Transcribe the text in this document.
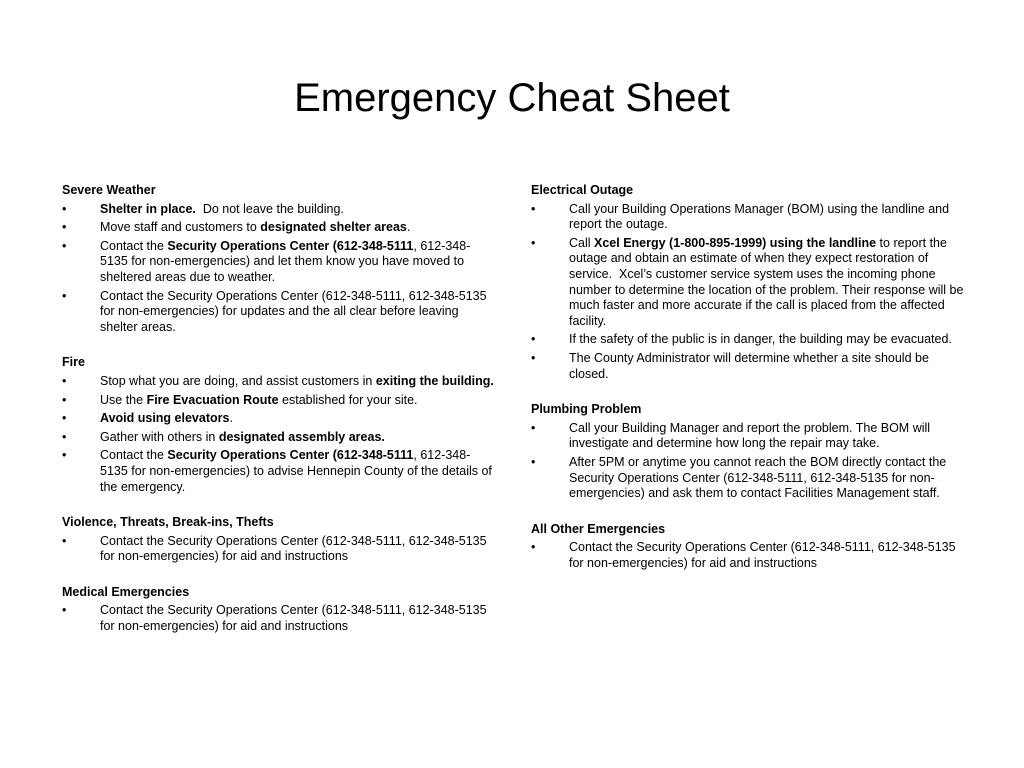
Emergency Cheat Sheet
Severe Weather
•	Shelter in place.  Do not leave the building.
•	Move staff and customers to designated shelter areas.
•	Contact the Security Operations Center (612-348-5111, 612-348-5135 for non-emergencies) and let them know you have moved to sheltered areas due to weather.
•	Contact the Security Operations Center (612-348-5111, 612-348-5135 for non-emergencies) for updates and the all clear before leaving shelter areas.
Fire
•	Stop what you are doing, and assist customers in exiting the building.
•	Use the Fire Evacuation Route established for your site.
•	Avoid using elevators.
•	Gather with others in designated assembly areas.
•	Contact the Security Operations Center (612-348-5111, 612-348-5135 for non-emergencies) to advise Hennepin County of the details of the emergency.
Violence, Threats, Break-ins, Thefts
•	Contact the Security Operations Center (612-348-5111, 612-348-5135 for non-emergencies) for aid and instructions
Medical Emergencies
•	Contact the Security Operations Center (612-348-5111, 612-348-5135 for non-emergencies) for aid and instructions
Electrical Outage
•	Call your Building Operations Manager (BOM) using the landline and report the outage.
•	Call Xcel Energy (1-800-895-1999) using the landline to report the outage and obtain an estimate of when they expect restoration of service.  Xcel’s customer service system uses the incoming phone number to determine the location of the problem. Their response will be much faster and more accurate if the call is placed from the affected facility.
•	If the safety of the public is in danger, the building may be evacuated.
•	The County Administrator will determine whether a site should be closed.
Plumbing Problem
•	Call your Building Manager and report the problem. The BOM will investigate and determine how long the repair may take.
•	After 5PM or anytime you cannot reach the BOM directly contact the Security Operations Center (612-348-5111, 612-348-5135 for non-emergencies) and ask them to contact Facilities Management staff.
All Other Emergencies
•	Contact the Security Operations Center (612-348-5111, 612-348-5135 for non-emergencies) for aid and instructions
